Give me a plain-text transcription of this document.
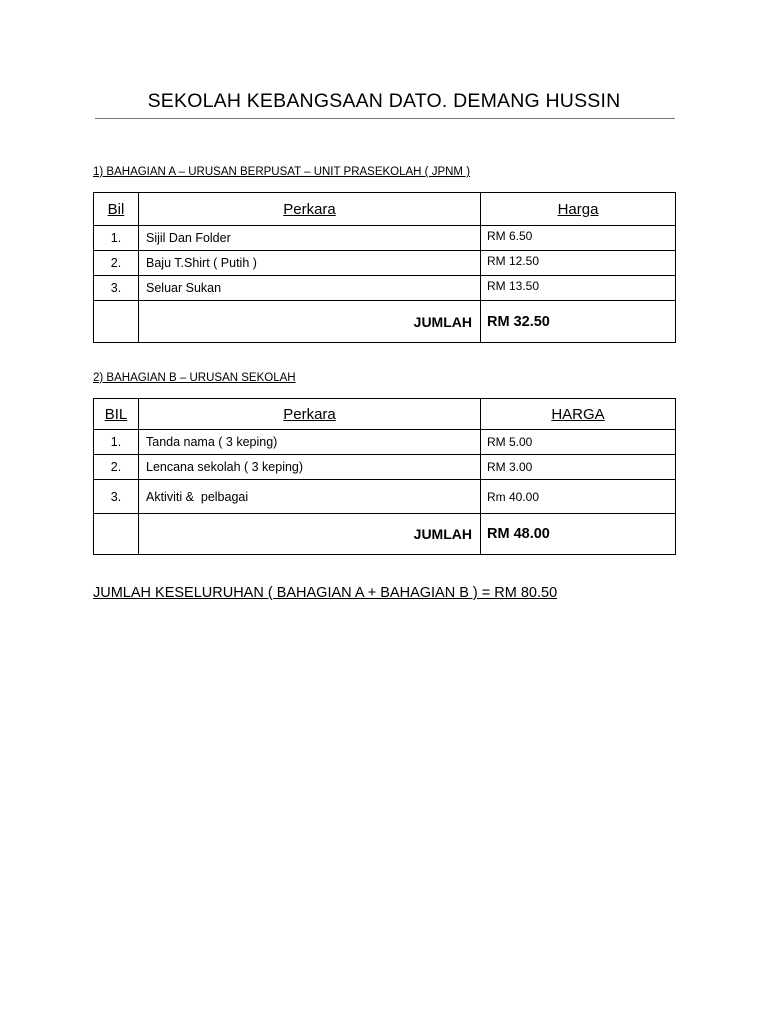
SEKOLAH KEBANGSAAN DATO. DEMANG HUSSIN
1) BAHAGIAN A – URUSAN BERPUSAT – UNIT PRASEKOLAH ( JPNM )
Bil	Perkara	Harga
1.	Sijil Dan Folder	RM 6.50
2.	Baju T.Shirt ( Putih )	RM 12.50
3.	Seluar Sukan	RM 13.50
	JUMLAH	RM 32.50
2) BAHAGIAN B – URUSAN SEKOLAH
BIL	Perkara	HARGA
1.	Tanda nama ( 3 keping)	RM 5.00
2.	Lencana sekolah ( 3 keping)	RM 3.00
3.	Aktiviti &  pelbagai	Rm 40.00
	JUMLAH	RM 48.00
JUMLAH KESELURUHAN ( BAHAGIAN A + BAHAGIAN B ) = RM 80.50
